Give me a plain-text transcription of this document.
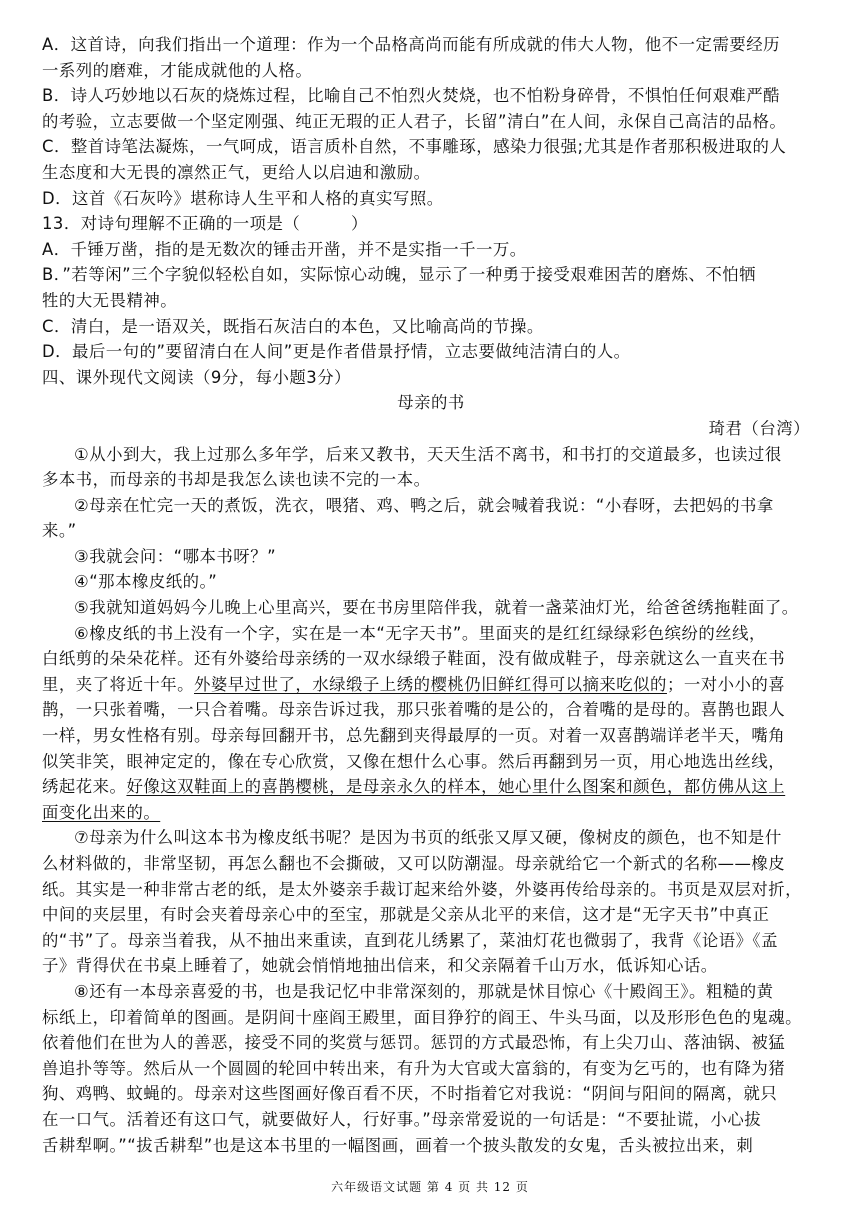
A．这首诗，向我们指出一个道理：作为一个品格高尚而能有所成就的伟大人物，他不一定需要经历
一系列的磨难，才能成就他的人格。
B．诗人巧妙地以石灰的烧炼过程，比喻自己不怕烈火焚烧，也不怕粉身碎骨，不惧怕任何艰难严酷
的考验，立志要做一个坚定刚强、纯正无瑕的正人君子，长留”清白”在人间，永保自己高洁的品格。
C．整首诗笔法凝炼，一气呵成，语言质朴自然，不事雕琢，感染力很强;尤其是作者那积极进取的人
生态度和大无畏的凛然正气，更给人以启迪和激励。
D．这首《石灰吟》堪称诗人生平和人格的真实写照。
13．对诗句理解不正确的一项是（　　　）
A．千锤万凿，指的是无数次的锤击开凿，并不是实指一千一万。
B．”若等闲”三个字貌似轻松自如，实际惊心动魄，显示了一种勇于接受艰难困苦的磨炼、不怕牺
牲的大无畏精神。
C．清白，是一语双关，既指石灰洁白的本色，又比喻高尚的节操。
D．最后一句的”要留清白在人间”更是作者借景抒情，立志要做纯洁清白的人。
四、课外现代文阅读（9分，每小题3分）
母亲的书
琦君（台湾）
①从小到大，我上过那么多年学，后来又教书，天天生活不离书，和书打的交道最多，也读过很
多本书，而母亲的书却是我怎么读也读不完的一本。
②母亲在忙完一天的煮饭，洗衣，喂猪、鸡、鸭之后，就会喊着我说：“小春呀，去把妈的书拿
来。”
③我就会问：“哪本书呀？”
④“那本橡皮纸的。”
⑤我就知道妈妈今儿晚上心里高兴，要在书房里陪伴我，就着一盏菜油灯光，给爸爸绣拖鞋面了。
⑥橡皮纸的书上没有一个字，实在是一本“无字天书”。里面夹的是红红绿绿彩色缤纷的丝线，
白纸剪的朵朵花样。还有外婆给母亲绣的一双水绿缎子鞋面，没有做成鞋子，母亲就这么一直夹在书
里，夹了将近十年。外婆早过世了，水绿缎子上绣的樱桃仍旧鲜红得可以摘来吃似的；一对小小的喜
鹊，一只张着嘴，一只合着嘴。母亲告诉过我，那只张着嘴的是公的，合着嘴的是母的。喜鹊也跟人
一样，男女性格有别。母亲每回翻开书，总先翻到夹得最厚的一页。对着一双喜鹊端详老半天，嘴角
似笑非笑，眼神定定的，像在专心欣赏，又像在想什么心事。然后再翻到另一页，用心地选出丝线，
绣起花来。好像这双鞋面上的喜鹊樱桃，是母亲永久的样本，她心里什么图案和颜色，都仿佛从这上
面变化出来的。
⑦母亲为什么叫这本书为橡皮纸书呢？是因为书页的纸张又厚又硬，像树皮的颜色，也不知是什
么材料做的，非常坚韧，再怎么翻也不会撕破，又可以防潮湿。母亲就给它一个新式的名称——橡皮
纸。其实是一种非常古老的纸，是太外婆亲手裁订起来给外婆，外婆再传给母亲的。书页是双层对折，
中间的夹层里，有时会夹着母亲心中的至宝，那就是父亲从北平的来信，这才是“无字天书”中真正
的“书”了。母亲当着我，从不抽出来重读，直到花儿绣累了，菜油灯花也微弱了，我背《论语》《孟
子》背得伏在书桌上睡着了，她就会悄悄地抽出信来，和父亲隔着千山万水，低诉知心话。
⑧还有一本母亲喜爱的书，也是我记忆中非常深刻的，那就是怵目惊心《十殿阎王》。粗糙的黄
标纸上，印着简单的图画。是阴间十座阎王殿里，面目狰狞的阎王、牛头马面，以及形形色色的鬼魂。
依着他们在世为人的善恶，接受不同的奖赏与惩罚。惩罚的方式最恐怖，有上尖刀山、落油锅、被猛
兽追扑等等。然后从一个圆圆的轮回中转出来，有升为大官或大富翁的，有变为乞丐的，也有降为猪
狗、鸡鸭、蚊蝇的。母亲对这些图画好像百看不厌，不时指着它对我说：“阴间与阳间的隔离，就只
在一口气。活着还有这口气，就要做好人，行好事。”母亲常爱说的一句话是：“不要扯谎，小心拔
舌耕犁啊。”“拔舌耕犁”也是这本书里的一幅图画，画着一个披头散发的女鬼，舌头被拉出来，刺
六年级语文试题 第 4 页 共 12 页
